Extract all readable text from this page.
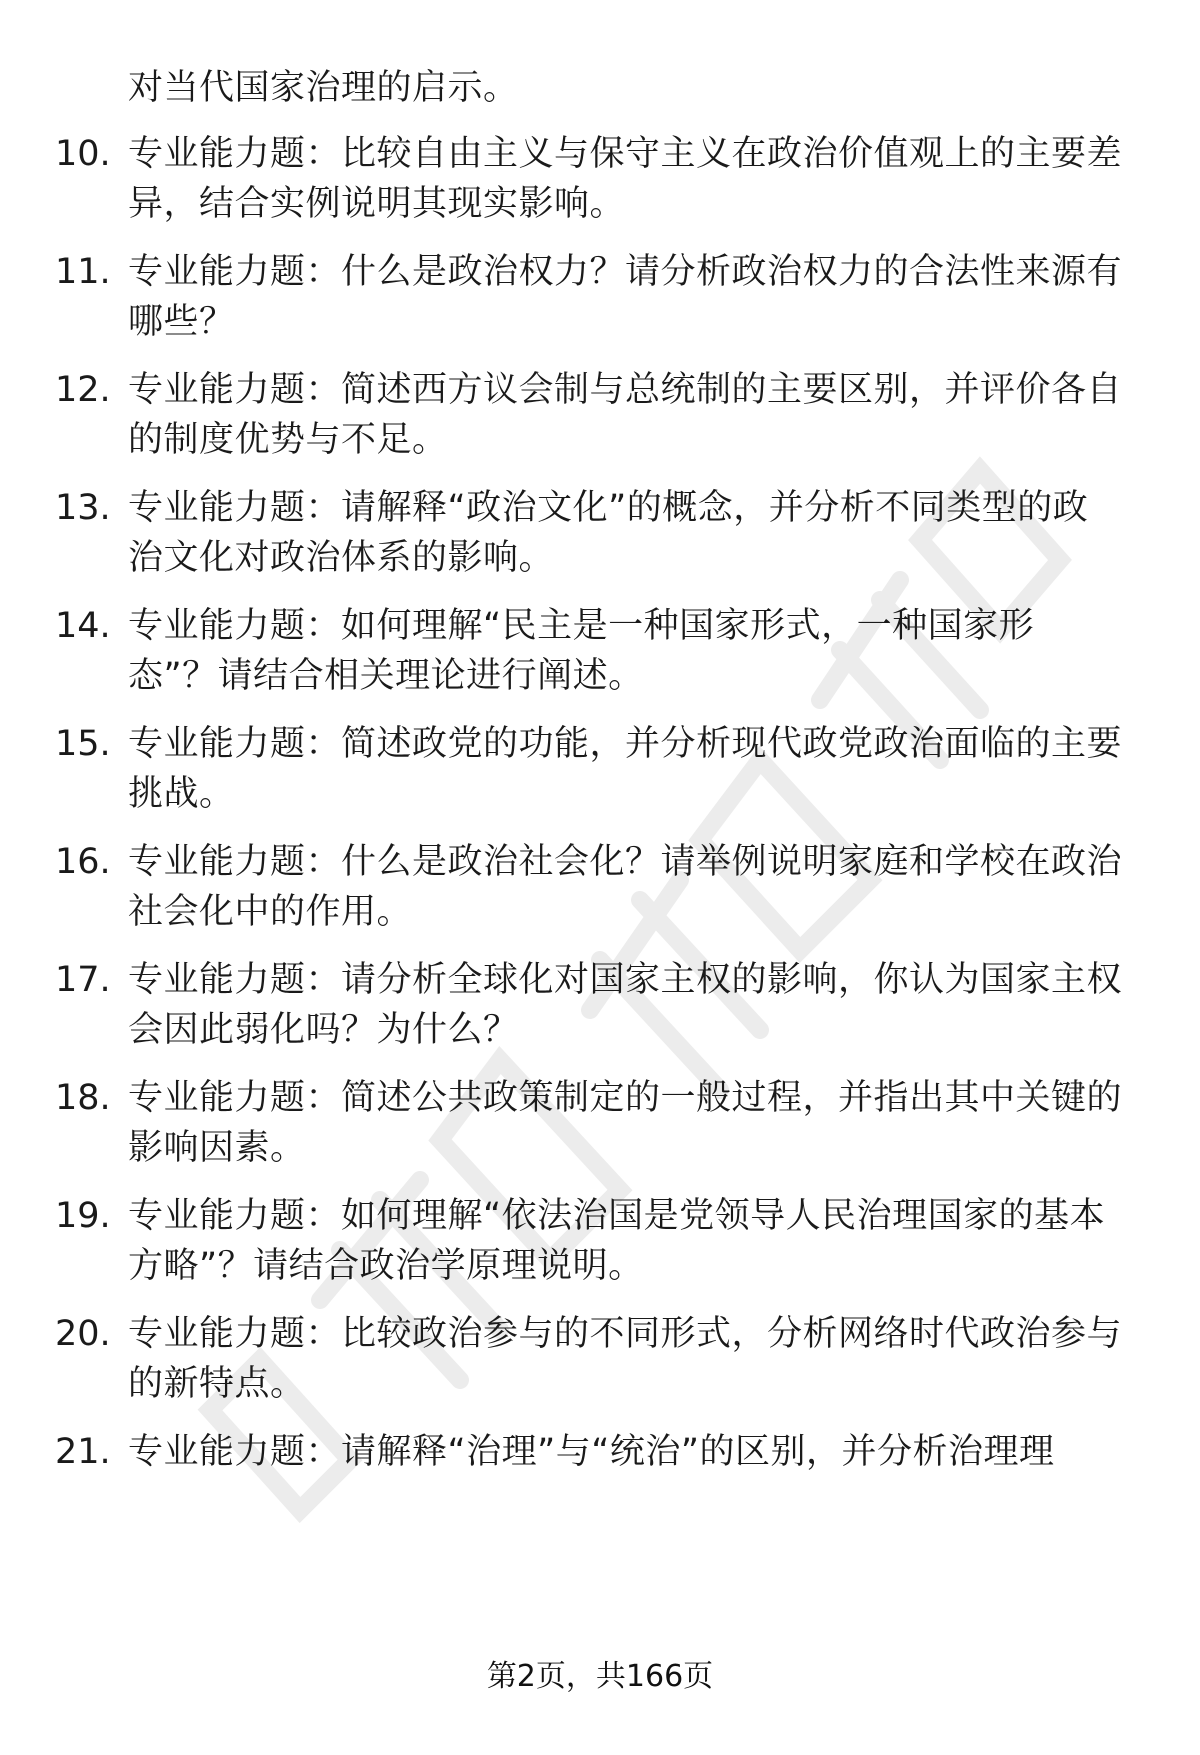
对当代国家治理的启示。
10. 专业能力题：比较自由主义与保守主义在政治价值观上的主要差
异，结合实例说明其现实影响。
11. 专业能力题：什么是政治权力？请分析政治权力的合法性来源有
哪些？
12. 专业能力题：简述西方议会制与总统制的主要区别，并评价各自
的制度优势与不足。
13. 专业能力题：请解释“政治文化”的概念，并分析不同类型的政
治文化对政治体系的影响。
14. 专业能力题：如何理解“民主是一种国家形式，一种国家形
态”？请结合相关理论进行阐述。
15. 专业能力题：简述政党的功能，并分析现代政党政治面临的主要
挑战。
16. 专业能力题：什么是政治社会化？请举例说明家庭和学校在政治
社会化中的作用。
17. 专业能力题：请分析全球化对国家主权的影响，你认为国家主权
会因此弱化吗？为什么？
18. 专业能力题：简述公共政策制定的一般过程，并指出其中关键的
影响因素。
19. 专业能力题：如何理解“依法治国是党领导人民治理国家的基本
方略”？请结合政治学原理说明。
20. 专业能力题：比较政治参与的不同形式，分析网络时代政治参与
的新特点。
21. 专业能力题：请解释“治理”与“统治”的区别，并分析治理理
第2页，共166页
